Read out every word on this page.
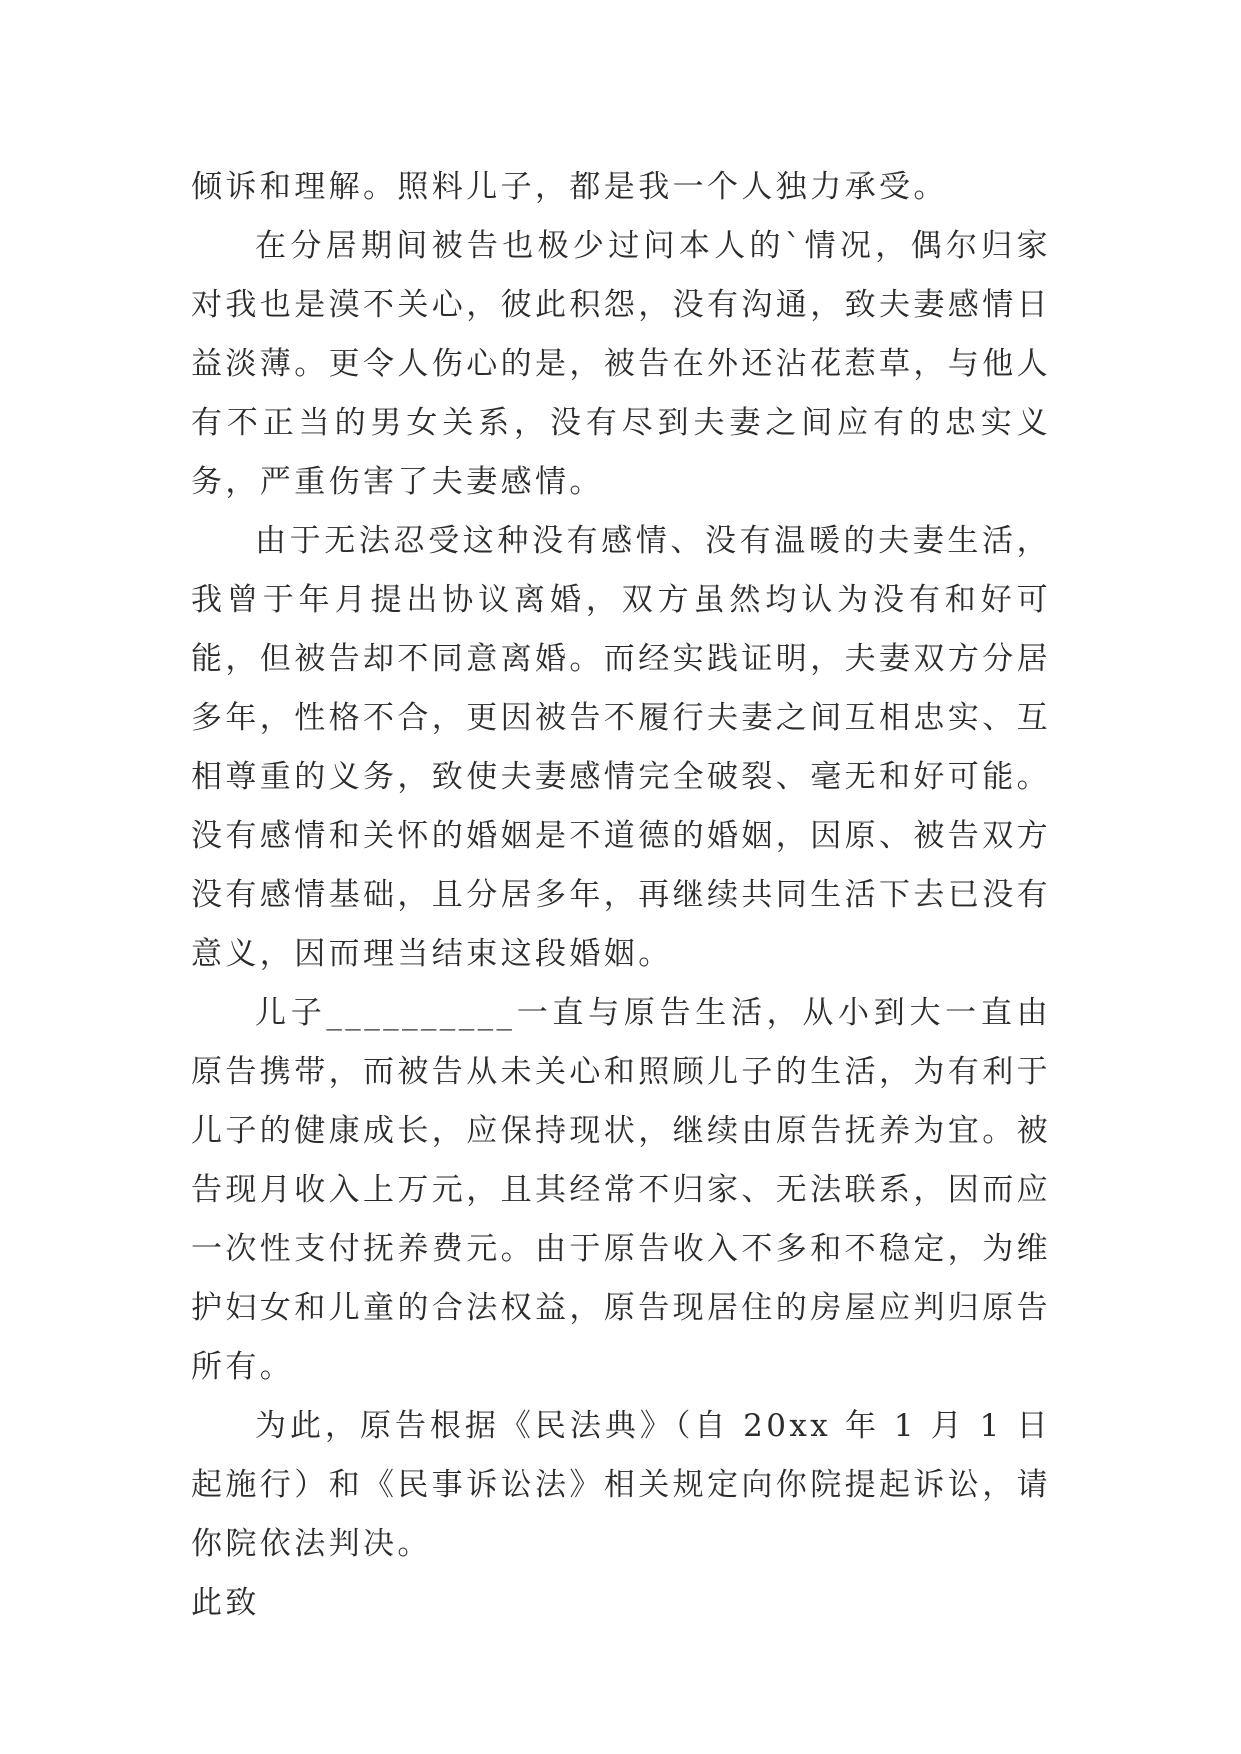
倾诉和理解。照料儿子，都是我一个人独力承受。

在分居期间被告也极少过问本人的`情况，偶尔归家对我也是漠不关心，彼此积怨，没有沟通，致夫妻感情日益淡薄。更令人伤心的是，被告在外还沾花惹草，与他人有不正当的男女关系，没有尽到夫妻之间应有的忠实义务，严重伤害了夫妻感情。

由于无法忍受这种没有感情、没有温暖的夫妻生活，我曾于年月提出协议离婚，双方虽然均认为没有和好可能，但被告却不同意离婚。而经实践证明，夫妻双方分居多年，性格不合，更因被告不履行夫妻之间互相忠实、互相尊重的义务，致使夫妻感情完全破裂、毫无和好可能。没有感情和关怀的婚姻是不道德的婚姻，因原、被告双方没有感情基础，且分居多年，再继续共同生活下去已没有意义，因而理当结束这段婚姻。

儿子__________一直与原告生活，从小到大一直由原告携带，而被告从未关心和照顾儿子的生活，为有利于儿子的健康成长，应保持现状，继续由原告抚养为宜。被告现月收入上万元，且其经常不归家、无法联系，因而应一次性支付抚养费元。由于原告收入不多和不稳定，为维护妇女和儿童的合法权益，原告现居住的房屋应判归原告所有。

为此，原告根据《民法典》（自 20xx 年 1 月 1 日起施行）和《民事诉讼法》相关规定向你院提起诉讼，请你院依法判决。

此致
